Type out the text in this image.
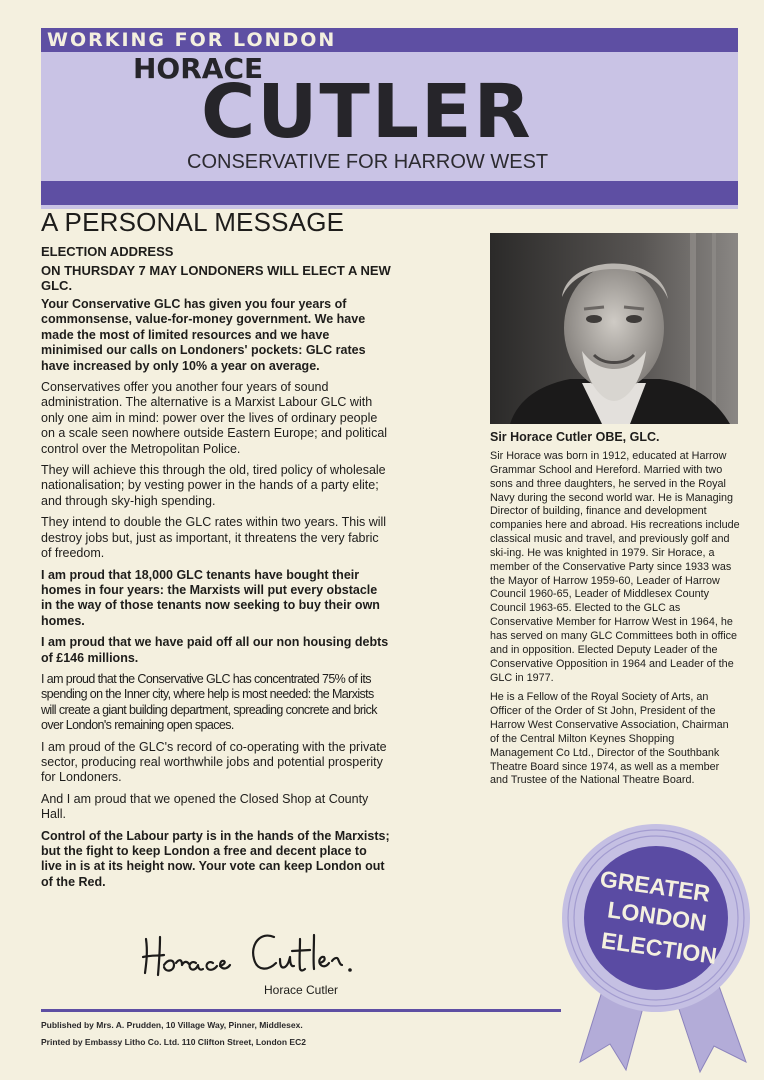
WORKING FOR LONDON
HORACE
CUTLER
CONSERVATIVE FOR HARROW WEST
A PERSONAL MESSAGE
ELECTION ADDRESS
ON THURSDAY 7 MAY LONDONERS WILL ELECT A NEW GLC.

Your Conservative GLC has given you four years of commonsense, value-for-money government. We have made the most of limited resources and we have minimised our calls on Londoners' pockets: GLC rates have increased by only 10% a year on average.

Conservatives offer you another four years of sound administration. The alternative is a Marxist Labour GLC with only one aim in mind: power over the lives of ordinary people on a scale seen nowhere outside Eastern Europe; and political control over the Metropolitan Police.

They will achieve this through the old, tired policy of wholesale nationalisation; by vesting power in the hands of a party elite; and through sky-high spending.

They intend to double the GLC rates within two years. This will destroy jobs but, just as important, it threatens the very fabric of freedom.

I am proud that 18,000 GLC tenants have bought their homes in four years: the Marxists will put every obstacle in the way of those tenants now seeking to buy their own homes.

I am proud that we have paid off all our non housing debts of £146 millions.

I am proud that the Conservative GLC has concentrated 75% of its spending on the Inner city, where help is most needed: the Marxists will create a giant building department, spreading concrete and brick over London's remaining open spaces.

I am proud of the GLC's record of co-operating with the private sector, producing real worthwhile jobs and potential prosperity for Londoners.

And I am proud that we opened the Closed Shop at County Hall.

Control of the Labour party is in the hands of the Marxists; but the fight to keep London a free and decent place to live in is at its height now. Your vote can keep London out of the Red.

Horace Cutler
Published by Mrs. A. Prudden, 10 Village Way, Pinner, Middlesex.
Printed by Embassy Litho Co. Ltd. 110 Clifton Street, London EC2
Sir Horace Cutler OBE, GLC.

Sir Horace was born in 1912, educated at Harrow Grammar School and Hereford. Married with two sons and three daughters, he served in the Royal Navy during the second world war. He is Managing Director of building, finance and development companies here and abroad. His recreations include classical music and travel, and previously golf and ski-ing. He was knighted in 1979. Sir Horace, a member of the Conservative Party since 1933 was the Mayor of Harrow 1959-60, Leader of Harrow Council 1960-65, Leader of Middlesex County Council 1963-65. Elected to the GLC as Conservative Member for Harrow West in 1964, he has served on many GLC Committees both in office and in opposition. Elected Deputy Leader of the Conservative Opposition in 1964 and Leader of the GLC in 1977.

He is a Fellow of the Royal Society of Arts, an Officer of the Order of St John, President of the Harrow West Conservative Association, Chairman of the Central Milton Keynes Shopping Management Co Ltd., Director of the Southbank Theatre Board since 1974, as well as a member and Trustee of the National Theatre Board.

GREATER
LONDON
ELECTION
